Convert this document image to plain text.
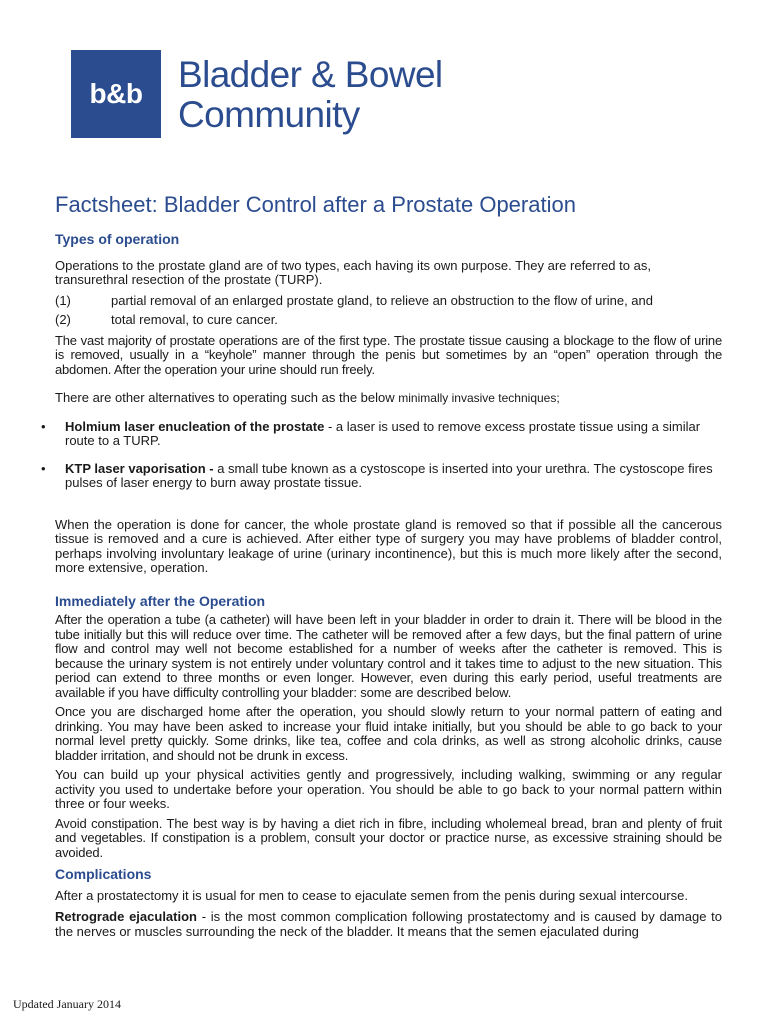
b&b Bladder & Bowel
Community
Factsheet: Bladder Control after a Prostate Operation
Types of operation

Operations to the prostate gland are of two types, each having its own purpose. They are referred to as, transurethral resection of the prostate (TURP).

(1)	partial removal of an enlarged prostate gland, to relieve an obstruction to the flow of urine, and
(2)	total removal, to cure cancer.

The vast majority of prostate operations are of the first type. The prostate tissue causing a blockage to the flow of urine is removed, usually in a “keyhole” manner through the penis but sometimes by an “open” operation through the abdomen. After the operation your urine should run freely.

There are other alternatives to operating such as the below minimally invasive techniques;

• Holmium laser enucleation of the prostate - a laser is used to remove excess prostate tissue using a similar route to a TURP.
• KTP laser vaporisation - a small tube known as a cystoscope is inserted into your urethra. The cystoscope fires pulses of laser energy to burn away prostate tissue.

When the operation is done for cancer, the whole prostate gland is removed so that if possible all the cancerous tissue is removed and a cure is achieved. After either type of surgery you may have problems of bladder control, perhaps involving involuntary leakage of urine (urinary incontinence), but this is much more likely after the second, more extensive, operation.

Immediately after the Operation

After the operation a tube (a catheter) will have been left in your bladder in order to drain it. There will be blood in the tube initially but this will reduce over time. The catheter will be removed after a few days, but the final pattern of urine flow and control may well not become established for a number of weeks after the catheter is removed. This is because the urinary system is not entirely under voluntary control and it takes time to adjust to the new situation. This period can extend to three months or even longer. However, even during this early period, useful treatments are available if you have difficulty controlling your bladder: some are described below.

Once you are discharged home after the operation, you should slowly return to your normal pattern of eating and drinking. You may have been asked to increase your fluid intake initially, but you should be able to go back to your normal level pretty quickly. Some drinks, like tea, coffee and cola drinks, as well as strong alcoholic drinks, cause bladder irritation, and should not be drunk in excess.

You can build up your physical activities gently and progressively, including walking, swimming or any regular activity you used to undertake before your operation. You should be able to go back to your normal pattern within three or four weeks.

Avoid constipation. The best way is by having a diet rich in fibre, including wholemeal bread, bran and plenty of fruit and vegetables. If constipation is a problem, consult your doctor or practice nurse, as excessive straining should be avoided.

Complications

After a prostatectomy it is usual for men to cease to ejaculate semen from the penis during sexual intercourse.

Retrograde ejaculation - is the most common complication following prostatectomy and is caused by damage to the nerves or muscles surrounding the neck of the bladder. It means that the semen ejaculated during

Updated January 2014
